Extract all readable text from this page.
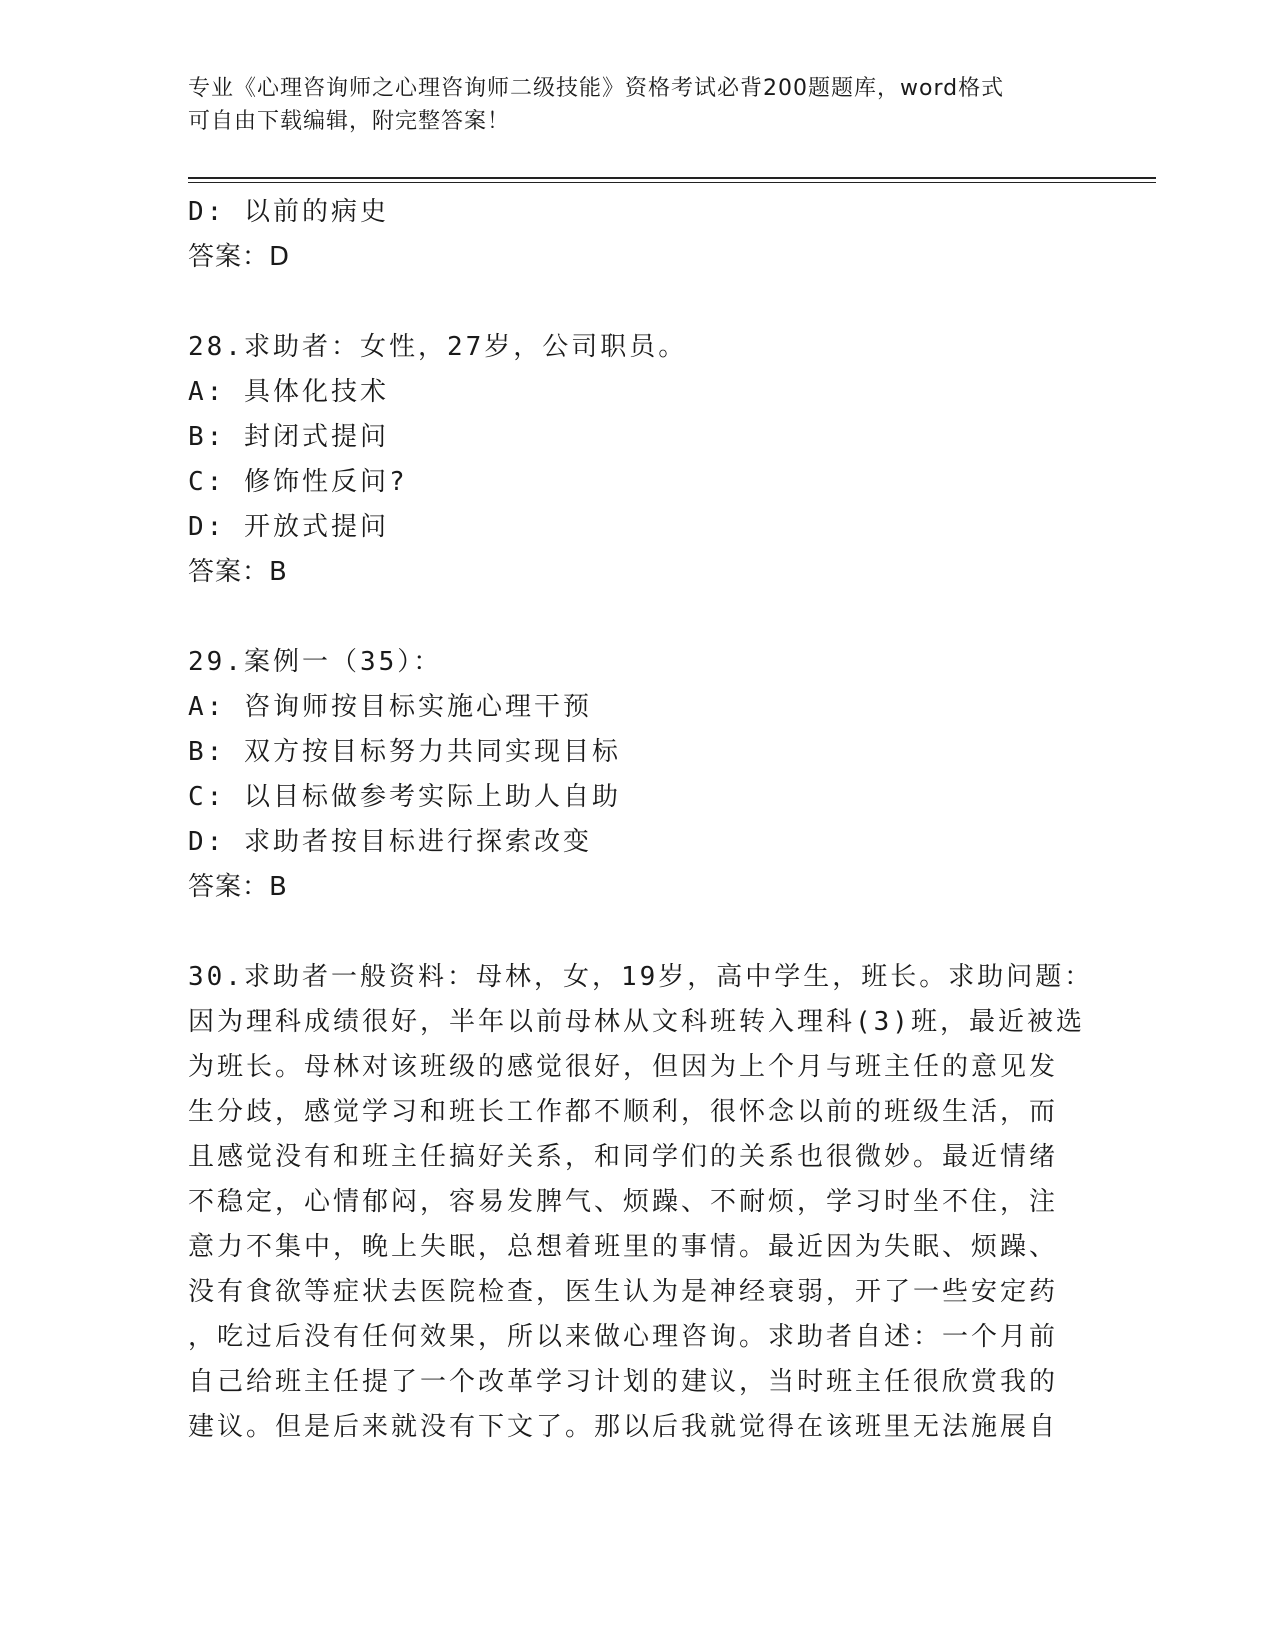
专业《心理咨询师之心理咨询师二级技能》资格考试必背200题题库，word格式
可自由下载编辑，附完整答案！
D: 以前的病史
答案：D
28.求助者：女性，27岁，公司职员。
A: 具体化技术
B: 封闭式提问
C: 修饰性反问?
D: 开放式提问
答案：B
29.案例一（35）：
A: 咨询师按目标实施心理干预
B: 双方按目标努力共同实现目标
C: 以目标做参考实际上助人自助
D: 求助者按目标进行探索改变
答案：B
30.求助者一般资料：母林，女，19岁，高中学生，班长。求助问题：
因为理科成绩很好，半年以前母林从文科班转入理科(3)班，最近被选
为班长。母林对该班级的感觉很好，但因为上个月与班主任的意见发
生分歧，感觉学习和班长工作都不顺利，很怀念以前的班级生活，而
且感觉没有和班主任搞好关系，和同学们的关系也很微妙。最近情绪
不稳定，心情郁闷，容易发脾气、烦躁、不耐烦，学习时坐不住，注
意力不集中，晚上失眠，总想着班里的事情。最近因为失眠、烦躁、
没有食欲等症状去医院检查，医生认为是神经衰弱，开了一些安定药
，吃过后没有任何效果，所以来做心理咨询。求助者自述：一个月前
自己给班主任提了一个改革学习计划的建议，当时班主任很欣赏我的
建议。但是后来就没有下文了。那以后我就觉得在该班里无法施展自
